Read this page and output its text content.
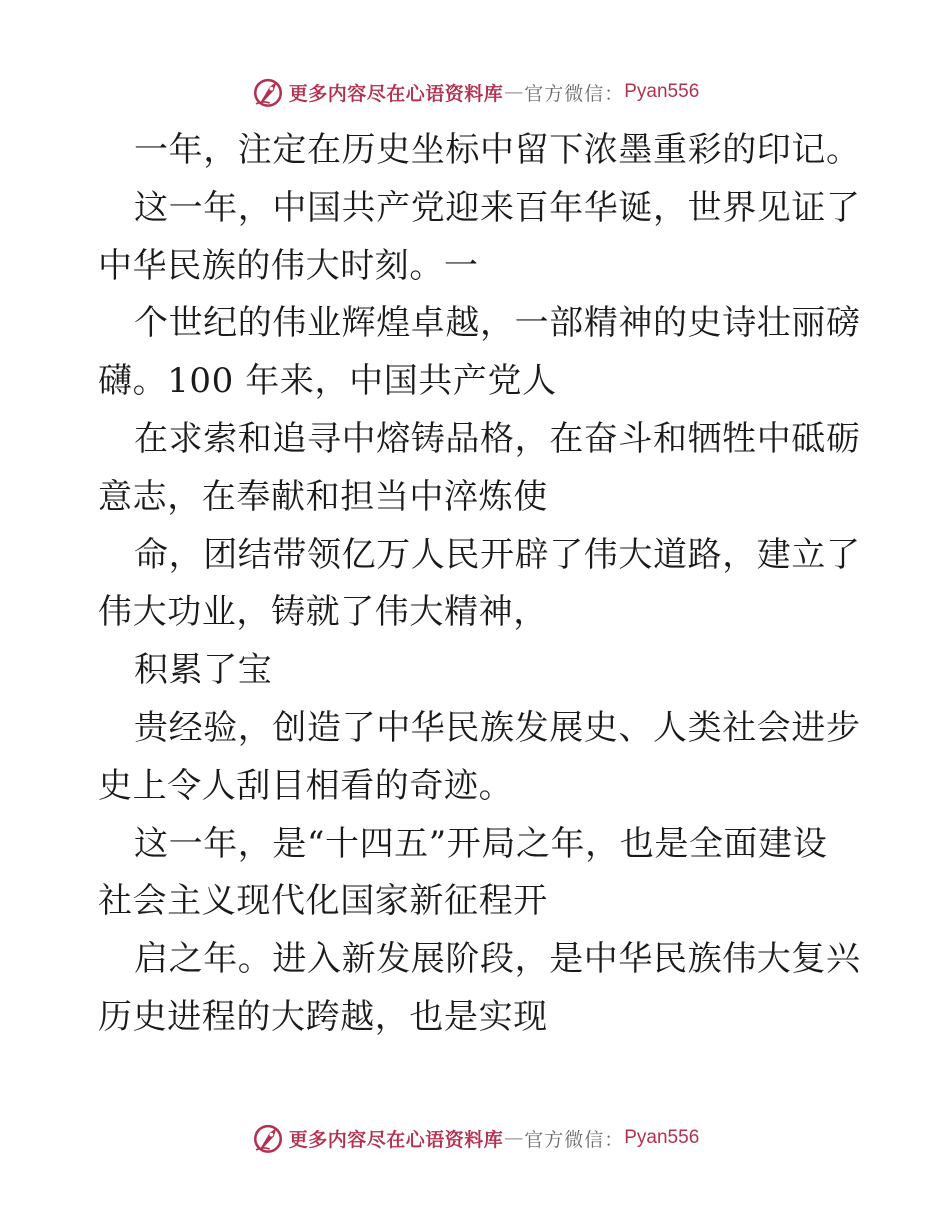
更多内容尽在心语资料库 — 官方微信： Pyan556
一年，注定在历史坐标中留下浓墨重彩的印记。
这一年，中国共产党迎来百年华诞，世界见证了
中华民族的伟大时刻。一
个世纪的伟业辉煌卓越，一部精神的史诗壮丽磅
礴。100 年来，中国共产党人
在求索和追寻中熔铸品格，在奋斗和牺牲中砥砺
意志，在奉献和担当中淬炼使
命，团结带领亿万人民开辟了伟大道路，建立了
伟大功业，铸就了伟大精神，
积累了宝
贵经验，创造了中华民族发展史、人类社会进步
史上令人刮目相看的奇迹。
这一年，是“十四五”开局之年，也是全面建设
社会主义现代化国家新征程开
启之年。进入新发展阶段，是中华民族伟大复兴
历史进程的大跨越，也是实现
更多内容尽在心语资料库 — 官方微信： Pyan556
